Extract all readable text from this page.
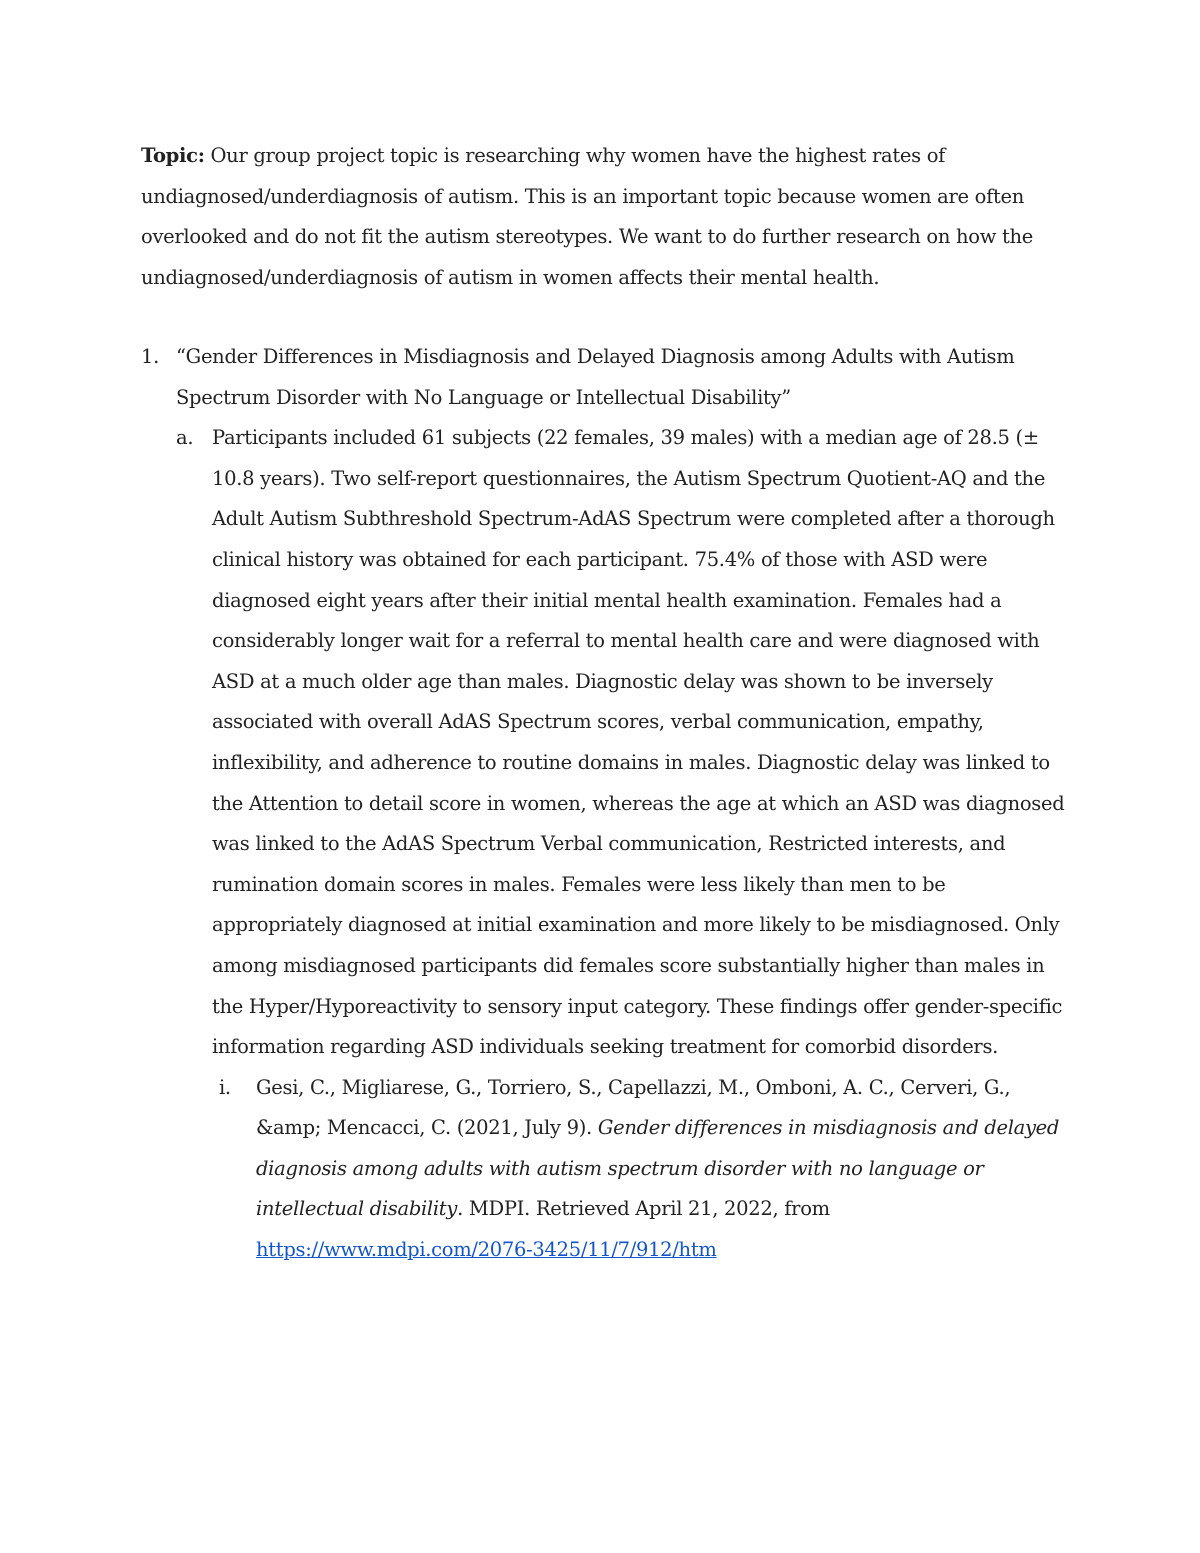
Topic: Our group project topic is researching why women have the highest rates of undiagnosed/underdiagnosis of autism. This is an important topic because women are often overlooked and do not fit the autism stereotypes. We want to do further research on how the undiagnosed/underdiagnosis of autism in women affects their mental health.

1. “Gender Differences in Misdiagnosis and Delayed Diagnosis among Adults with Autism Spectrum Disorder with No Language or Intellectual Disability”
a. Participants included 61 subjects (22 females, 39 males) with a median age of 28.5 (± 10.8 years). Two self-report questionnaires, the Autism Spectrum Quotient-AQ and the Adult Autism Subthreshold Spectrum-AdAS Spectrum were completed after a thorough clinical history was obtained for each participant. 75.4% of those with ASD were diagnosed eight years after their initial mental health examination. Females had a considerably longer wait for a referral to mental health care and were diagnosed with ASD at a much older age than males. Diagnostic delay was shown to be inversely associated with overall AdAS Spectrum scores, verbal communication, empathy, inflexibility, and adherence to routine domains in males. Diagnostic delay was linked to the Attention to detail score in women, whereas the age at which an ASD was diagnosed was linked to the AdAS Spectrum Verbal communication, Restricted interests, and rumination domain scores in males. Females were less likely than men to be appropriately diagnosed at initial examination and more likely to be misdiagnosed. Only among misdiagnosed participants did females score substantially higher than males in the Hyper/Hyporeactivity to sensory input category. These findings offer gender-specific information regarding ASD individuals seeking treatment for comorbid disorders.
i.	Gesi, C., Migliarese, G., Torriero, S., Capellazzi, M., Omboni, A. C., Cerveri, G., &amp; Mencacci, C. (2021, July 9). Gender differences in misdiagnosis and delayed diagnosis among adults with autism spectrum disorder with no language or intellectual disability. MDPI. Retrieved April 21, 2022, from https://www.mdpi.com/2076-3425/11/7/912/htm
